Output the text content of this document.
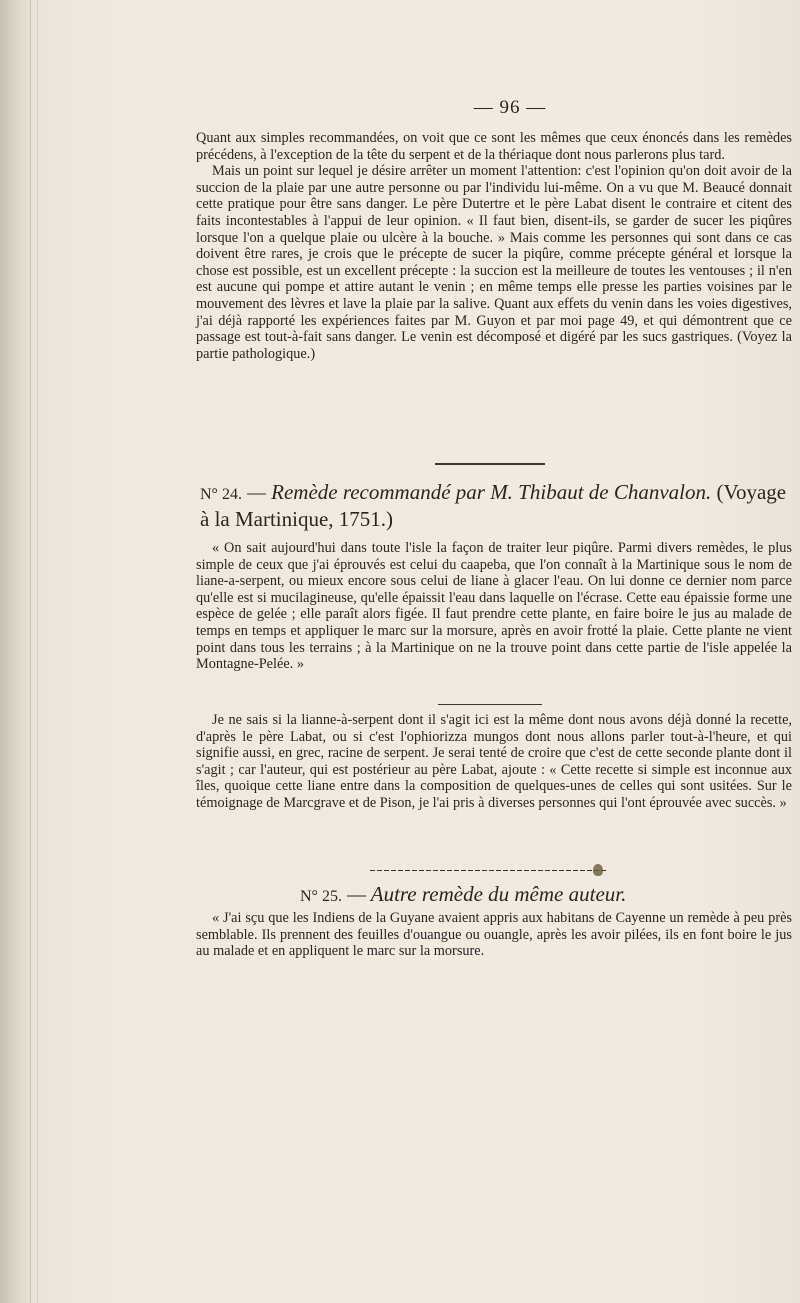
— 96 —

Quant aux simples recommandées, on voit que ce sont les mêmes que ceux énoncés dans les remèdes précédens, à l'exception de la tête du serpent et de la thériaque dont nous parlerons plus tard.

Mais un point sur lequel je désire arrêter un moment l'attention: c'est l'opinion qu'on doit avoir de la succion de la plaie par une autre personne ou par l'individu lui-même. On a vu que M. Beaucé donnait cette pratique pour être sans danger. Le père Dutertre et le père Labat disent le contraire et citent des faits incontestables à l'appui de leur opinion. « Il faut bien, disent-ils, se garder de sucer les piqûres lorsque l'on a quelque plaie ou ulcère à la bouche. » Mais comme les personnes qui sont dans ce cas doivent être rares, je crois que le précepte de sucer la piqûre, comme précepte général et lorsque la chose est possible, est un excellent précepte : la succion est la meilleure de toutes les ventouses ; il n'en est aucune qui pompe et attire autant le venin ; en même temps elle presse les parties voisines par le mouvement des lèvres et lave la plaie par la salive. Quant aux effets du venin dans les voies digestives, j'ai déjà rapporté les expériences faites par M. Guyon et par moi page 49, et qui démontrent que ce passage est tout-à-fait sans danger. Le venin est décomposé et digéré par les sucs gastriques. (Voyez la partie pathologique.)

N° 24. — Remède recommandé par M. Thibaut de Chanvalon. (Voyage à la Martinique, 1751.)

« On sait aujourd'hui dans toute l'isle la façon de traiter leur piqûre. Parmi divers remèdes, le plus simple de ceux que j'ai éprouvés est celui du caapeba, que l'on connaît à la Martinique sous le nom de liane-a-serpent, ou mieux encore sous celui de liane à glacer l'eau. On lui donne ce dernier nom parce qu'elle est si mucilagineuse, qu'elle épaissit l'eau dans laquelle on l'écrase. Cette eau épaissie forme une espèce de gelée ; elle paraît alors figée. Il faut prendre cette plante, en faire boire le jus au malade de temps en temps et appliquer le marc sur la morsure, après en avoir frotté la plaie. Cette plante ne vient point dans tous les terrains ; à la Martinique on ne la trouve point dans cette partie de l'isle appelée la Montagne-Pelée. »

Je ne sais si la lianne-à-serpent dont il s'agit ici est la même dont nous avons déjà donné la recette, d'après le père Labat, ou si c'est l'ophiorizza mungos dont nous allons parler tout-à-l'heure, et qui signifie aussi, en grec, racine de serpent. Je serai tenté de croire que c'est de cette seconde plante dont il s'agit ; car l'auteur, qui est postérieur au père Labat, ajoute : « Cette recette si simple est inconnue aux îles, quoique cette liane entre dans la composition de quelques-unes de celles qui sont usitées. Sur le témoignage de Marcgrave et de Pison, je l'ai pris à diverses personnes qui l'ont éprouvée avec succès. »

N° 25. — Autre remède du même auteur.

« J'ai sçu que les Indiens de la Guyane avaient appris aux habitans de Cayenne un remède à peu près semblable. Ils prennent des feuilles d'ouangue ou ouangle, après les avoir pilées, ils en font boire le jus au malade et en appliquent le marc sur la morsure.
